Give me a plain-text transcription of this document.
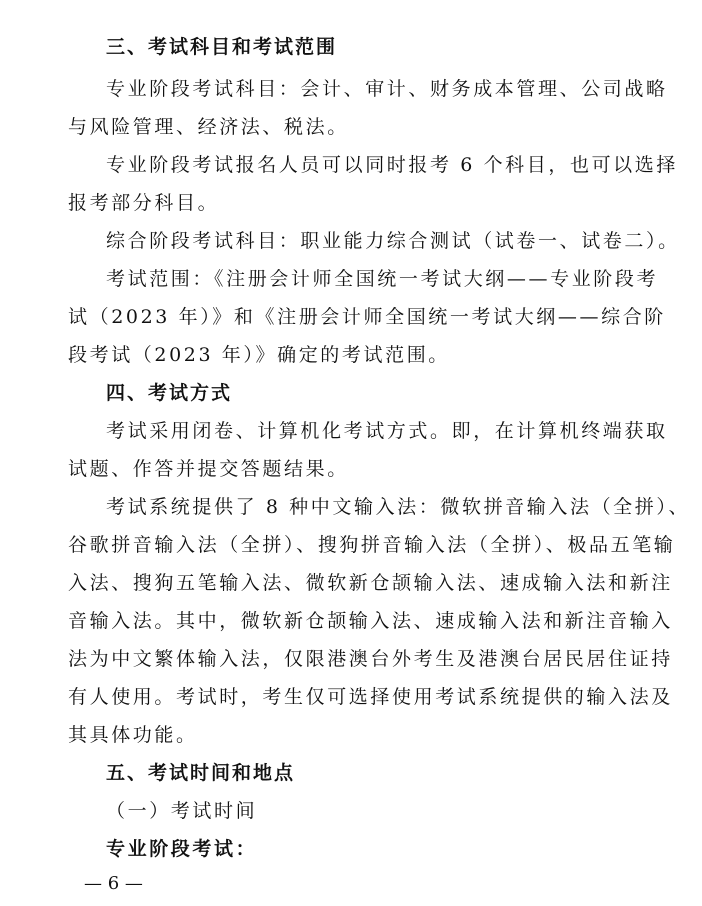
三、考试科目和考试范围
专业阶段考试科目：会计、审计、财务成本管理、公司战略
与风险管理、经济法、税法。
专业阶段考试报名人员可以同时报考 6 个科目，也可以选择
报考部分科目。
综合阶段考试科目：职业能力综合测试（试卷一、试卷二）。
考试范围：《注册会计师全国统一考试大纲——专业阶段考
试（2023 年）》和《注册会计师全国统一考试大纲——综合阶
段考试（2023 年）》确定的考试范围。
四、考试方式
考试采用闭卷、计算机化考试方式。即，在计算机终端获取
试题、作答并提交答题结果。
考试系统提供了 8 种中文输入法：微软拼音输入法（全拼）、
谷歌拼音输入法（全拼）、搜狗拼音输入法（全拼）、极品五笔输
入法、搜狗五笔输入法、微软新仓颉输入法、速成输入法和新注
音输入法。其中，微软新仓颉输入法、速成输入法和新注音输入
法为中文繁体输入法，仅限港澳台外考生及港澳台居民居住证持
有人使用。考试时，考生仅可选择使用考试系统提供的输入法及
其具体功能。
五、考试时间和地点
（一）考试时间
专业阶段考试：
— 6 —
